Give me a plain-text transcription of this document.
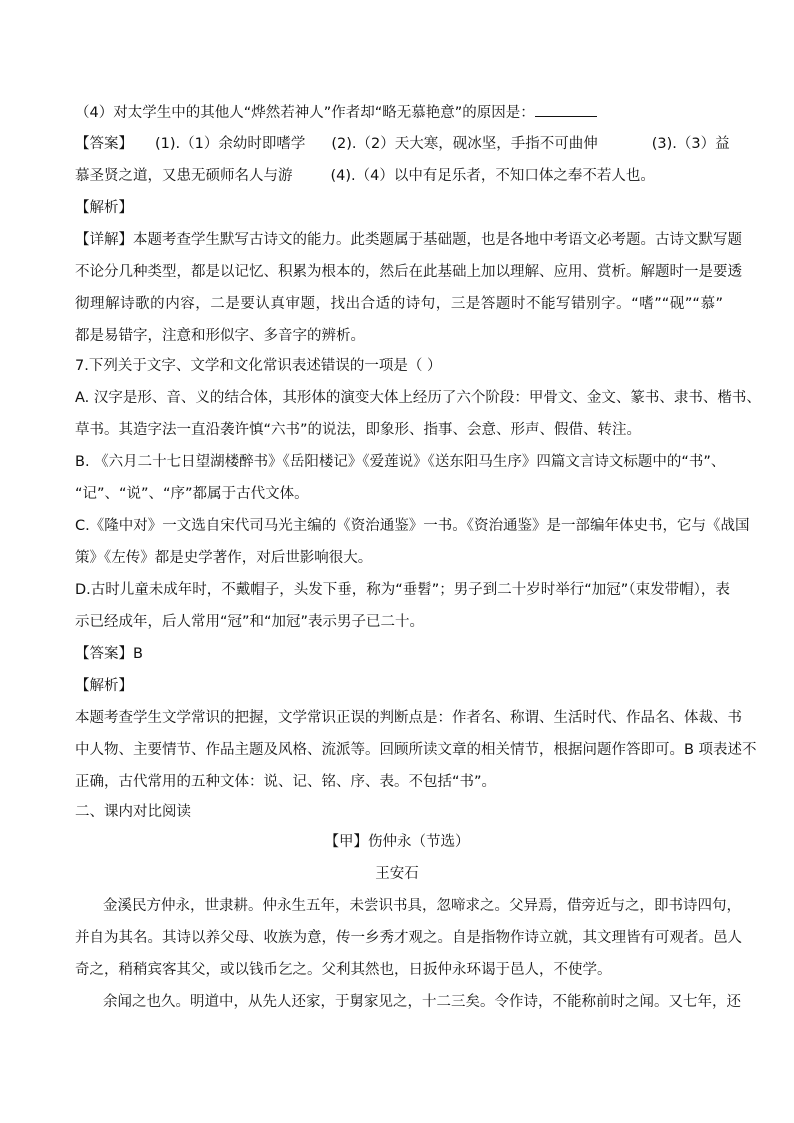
（4）对太学生中的其他人“烨然若神人”作者却“略无慕艳意”的原因是：

【答案】 (1).（1）余幼时即嗜学 (2).（2）天大寒，砚冰坚，手指不可曲伸	(3).（3）益

慕圣贤之道，又患无硕师名人与游	(4).（4）以中有足乐者，不知口体之奉不若人也。

【解析】

【详解】本题考查学生默写古诗文的能力。此类题属于基础题，也是各地中考语文必考题。古诗文默写题

不论分几种类型，都是以记忆、积累为根本的，然后在此基础上加以理解、应用、赏析。解题时一是要透

彻理解诗歌的内容，二是要认真审题，找出合适的诗句，三是答题时不能写错别字。“嗜”“砚”“慕”

都是易错字，注意和形似字、多音字的辨析。

7.下列关于文字、文学和文化常识表述错误的一项是（ ）

A. 汉字是形、音、义的结合体，其形体的演变大体上经历了六个阶段：甲骨文、金文、篆书、隶书、楷书、

草书。其造字法一直沿袭许慎“六书”的说法，即象形、指事、会意、形声、假借、转注。

B. 《六月二十七日望湖楼醉书》《岳阳楼记》《爱莲说》《送东阳马生序》四篇文言诗文标题中的“书”、

“记”、“说”、“序”都属于古代文体。

C.《隆中对》一文选自宋代司马光主编的《资治通鉴》一书。《资治通鉴》是一部编年体史书，它与《战国

策》《左传》都是史学著作，对后世影响很大。

D.古时儿童未成年时，不戴帽子，头发下垂，称为“垂髫”；男子到二十岁时举行“加冠”（束发带帽），表

示已经成年，后人常用“冠”和“加冠”表示男子已二十。

【答案】B

【解析】

本题考查学生文学常识的把握，文学常识正误的判断点是：作者名、称谓、生活时代、作品名、体裁、书

中人物、主要情节、作品主题及风格、流派等。回顾所读文章的相关情节，根据问题作答即可。B 项表述不

正确，古代常用的五种文体：说、记、铭、序、表。不包括“书”。

二、课内对比阅读

【甲】伤仲永（节选）

王安石

金溪民方仲永，世隶耕。仲永生五年，未尝识书具，忽啼求之。父异焉，借旁近与之，即书诗四句，

并自为其名。其诗以养父母、收族为意，传一乡秀才观之。自是指物作诗立就，其文理皆有可观者。邑人

奇之，稍稍宾客其父，或以钱币乞之。父利其然也，日扳仲永环谒于邑人，不使学。

余闻之也久。明道中，从先人还家，于舅家见之，十二三矣。令作诗，不能称前时之闻。又七年，还
